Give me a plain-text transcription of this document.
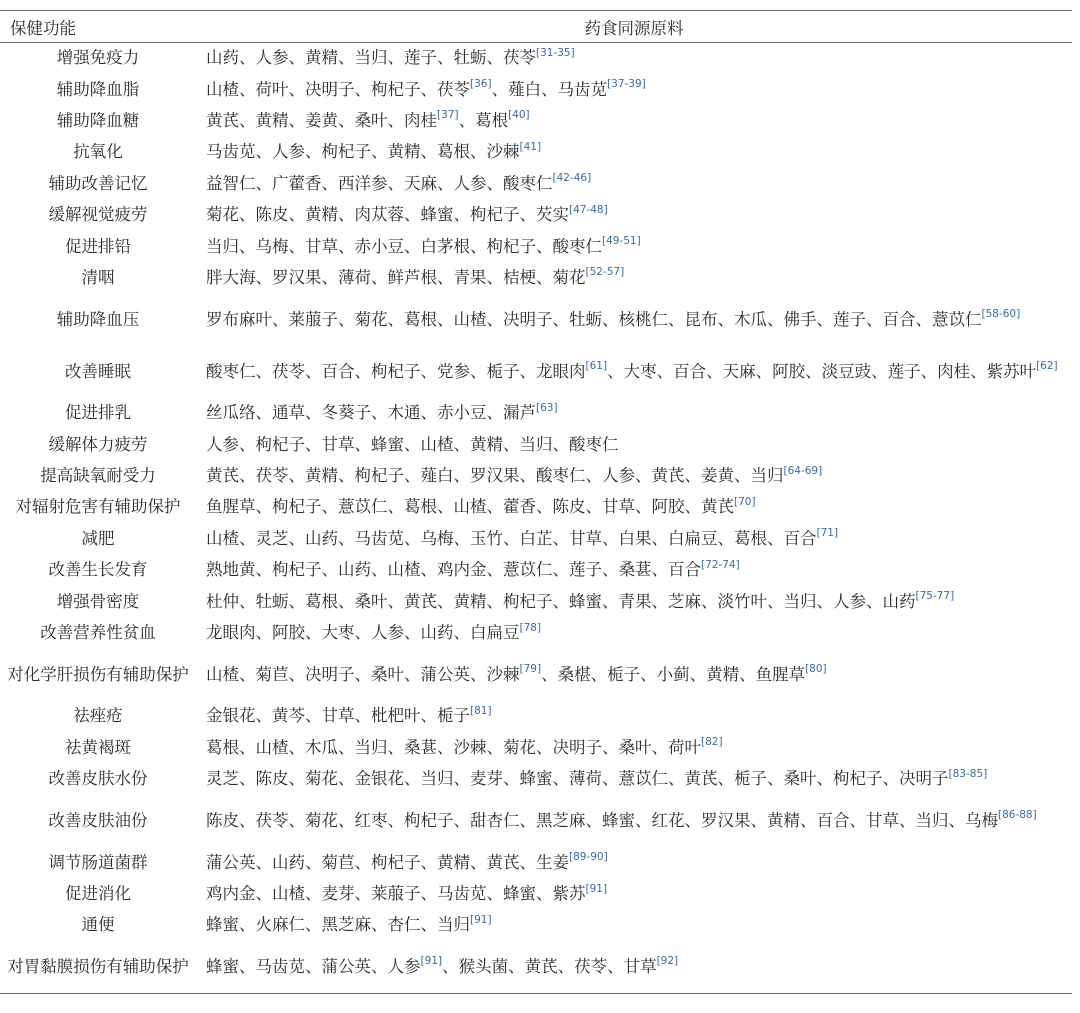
保健功能	药食同源原料
增强免疫力	山药、人参、黄精、当归、莲子、牡蛎、茯苓[31-35]
辅助降血脂	山楂、荷叶、决明子、枸杞子、茯苓[36]、薤白、马齿苋[37-39]
辅助降血糖	黄芪、黄精、姜黄、桑叶、肉桂[37]、葛根[40]
抗氧化	马齿苋、人参、枸杞子、黄精、葛根、沙棘[41]
辅助改善记忆	益智仁、广藿香、西洋参、天麻、人参、酸枣仁[42-46]
缓解视觉疲劳	菊花、陈皮、黄精、肉苁蓉、蜂蜜、枸杞子、芡实[47-48]
促进排铅	当归、乌梅、甘草、赤小豆、白茅根、枸杞子、酸枣仁[49-51]
清咽	胖大海、罗汉果、薄荷、鲜芦根、青果、桔梗、菊花[52-57]
辅助降血压	罗布麻叶、莱菔子、菊花、葛根、山楂、决明子、牡蛎、核桃仁、昆布、木瓜、佛手、莲子、百合、薏苡仁[58-60]
改善睡眠	酸枣仁、茯苓、百合、枸杞子、党参、栀子、龙眼肉[61]、大枣、百合、天麻、阿胶、淡豆豉、莲子、肉桂、紫苏叶[62]
促进排乳	丝瓜络、通草、冬葵子、木通、赤小豆、漏芦[63]
缓解体力疲劳	人参、枸杞子、甘草、蜂蜜、山楂、黄精、当归、酸枣仁
提高缺氧耐受力	黄芪、茯苓、黄精、枸杞子、薤白、罗汉果、酸枣仁、人参、黄芪、姜黄、当归[64-69]
对辐射危害有辅助保护	鱼腥草、枸杞子、薏苡仁、葛根、山楂、藿香、陈皮、甘草、阿胶、黄芪[70]
减肥	山楂、灵芝、山药、马齿苋、乌梅、玉竹、白芷、甘草、白果、白扁豆、葛根、百合[71]
改善生长发育	熟地黄、枸杞子、山药、山楂、鸡内金、薏苡仁、莲子、桑葚、百合[72-74]
增强骨密度	杜仲、牡蛎、葛根、桑叶、黄芪、黄精、枸杞子、蜂蜜、青果、芝麻、淡竹叶、当归、人参、山药[75-77]
改善营养性贫血	龙眼肉、阿胶、大枣、人参、山药、白扁豆[78]
对化学肝损伤有辅助保护	山楂、菊苣、决明子、桑叶、蒲公英、沙棘[79]、桑椹、栀子、小蓟、黄精、鱼腥草[80]
祛痤疮	金银花、黄芩、甘草、枇杷叶、栀子[81]
祛黄褐斑	葛根、山楂、木瓜、当归、桑葚、沙棘、菊花、决明子、桑叶、荷叶[82]
改善皮肤水份	灵芝、陈皮、菊花、金银花、当归、麦芽、蜂蜜、薄荷、薏苡仁、黄芪、栀子、桑叶、枸杞子、决明子[83-85]
改善皮肤油份	陈皮、茯苓、菊花、红枣、枸杞子、甜杏仁、黑芝麻、蜂蜜、红花、罗汉果、黄精、百合、甘草、当归、乌梅[86-88]
调节肠道菌群	蒲公英、山药、菊苣、枸杞子、黄精、黄芪、生姜[89-90]
促进消化	鸡内金、山楂、麦芽、莱菔子、马齿苋、蜂蜜、紫苏[91]
通便	蜂蜜、火麻仁、黑芝麻、杏仁、当归[91]
对胃黏膜损伤有辅助保护	蜂蜜、马齿苋、蒲公英、人参[91]、猴头菌、黄芪、茯苓、甘草[92]
